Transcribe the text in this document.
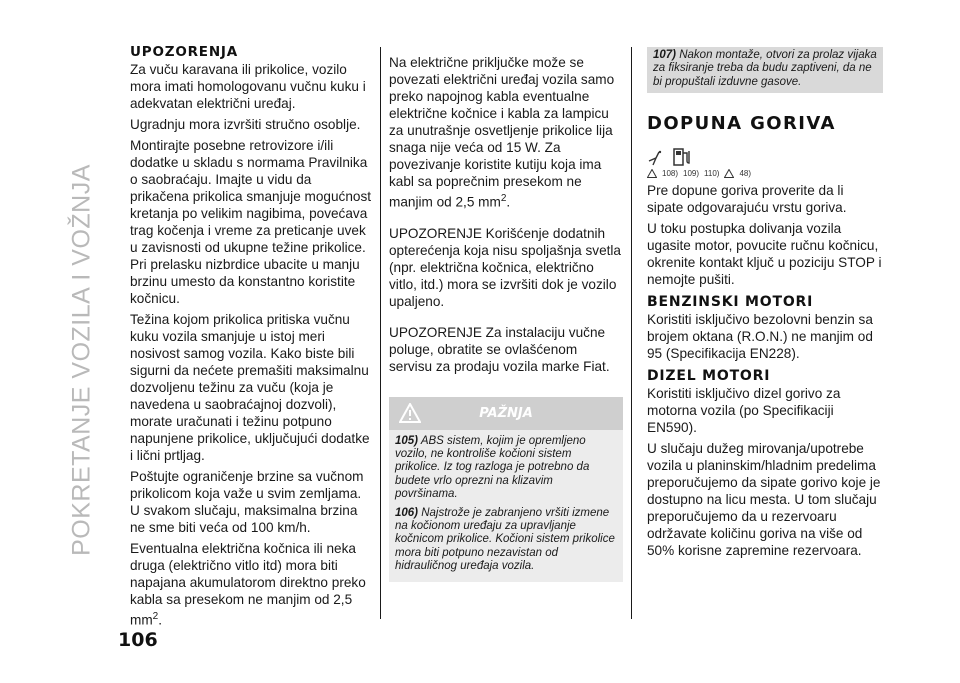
POKRETANJE VOZILA I VOŽNJA
106
UPOZORENJA

Za vuču karavana ili prikolice, vozilo mora imati homologovanu vučnu kuku i adekvatan električni uređaj.

Ugradnju mora izvršiti stručno osoblje.

Montirajte posebne retrovizore i/ili dodatke u skladu s normama Pravilnika o saobraćaju. Imajte u vidu da prikačena prikolica smanjuje mogućnost kretanja po velikim nagibima, povećava trag kočenja i vreme za preticanje uvek u zavisnosti od ukupne težine prikolice. Pri prelasku nizbrdice ubacite u manju brzinu umesto da konstantno koristite kočnicu.

Težina kojom prikolica pritiska vučnu kuku vozila smanjuje u istoj meri nosivost samog vozila. Kako biste bili sigurni da nećete premašiti maksimalnu dozvoljenu težinu za vuču (koja je navedena u saobraćajnoj dozvoli), morate uračunati i težinu potpuno napunjene prikolice, uključujući dodatke i lični prtljag.

Poštujte ograničenje brzine sa vučnom prikolicom koja važe u svim zemljama. U svakom slučaju, maksimalna brzina ne sme biti veća od 100 km/h.

Eventualna električna kočnica ili neka druga (električno vitlo itd) mora biti napajana akumulatorom direktno preko kabla sa presekom ne manjim od 2,5 $mm^2$.

Na električne priključke može se povezati električni uređaj vozila samo preko napojnog kabla eventualne električne kočnice i kabla za lampicu za unutrašnje osvetljenje prikolice lija snaga nije veća od 15 W. Za povezivanje koristite kutiju koja ima kabl sa poprečnim presekom ne manjim od 2,5 $mm^2$.

UPOZORENJE Korišćenje dodatnih opterećenja koja nisu spoljašnja svetla (npr. električna kočnica, električno vitlo, itd.) mora se izvršiti dok je vozilo upaljeno.

UPOZORENJE Za instalaciju vučne poluge, obratite se ovlašćenom servisu za prodaju vozila marke Fiat.

PAŽNJA
105) ABS sistem, kojim je opremljeno vozilo, ne kontroliše kočioni sistem prikolice. Iz tog razloga je potrebno da budete vrlo oprezni na klizavim površinama.
106) Najstrože je zabranjeno vršiti izmene na kočionom uređaju za upravljanje kočnicom prikolice. Kočioni sistem prikolice mora biti potpuno nezavistan od hidrauličnog uređaja vozila.
107) Nakon montaže, otvori za prolaz vijaka za fiksiranje treba da budu zaptiveni, da ne bi propuštali izduvne gasove.
DOPUNA GORIVA
108) 109) 110)	48)

Pre dopune goriva proverite da li sipate odgovarajuću vrstu goriva.

U toku postupka dolivanja vozila ugasite motor, povucite ručnu kočnicu, okrenite kontakt ključ u poziciju STOP i nemojte pušiti.

BENZINSKI MOTORI

Koristiti isključivo bezolovni benzin sa brojem oktana (R.O.N.) ne manjim od 95 (Specifikacija EN228).

DIZEL MOTORI

Koristiti isključivo dizel gorivo za motorna vozila (po Specifikaciji EN590).

U slučaju dužeg mirovanja/upotrebe vozila u planinskim/hladnim predelima preporučujemo da sipate gorivo koje je dostupno na licu mesta. U tom slučaju preporučujemo da u rezervoaru održavate količinu goriva na više od 50% korisne zapremine rezervoara.
